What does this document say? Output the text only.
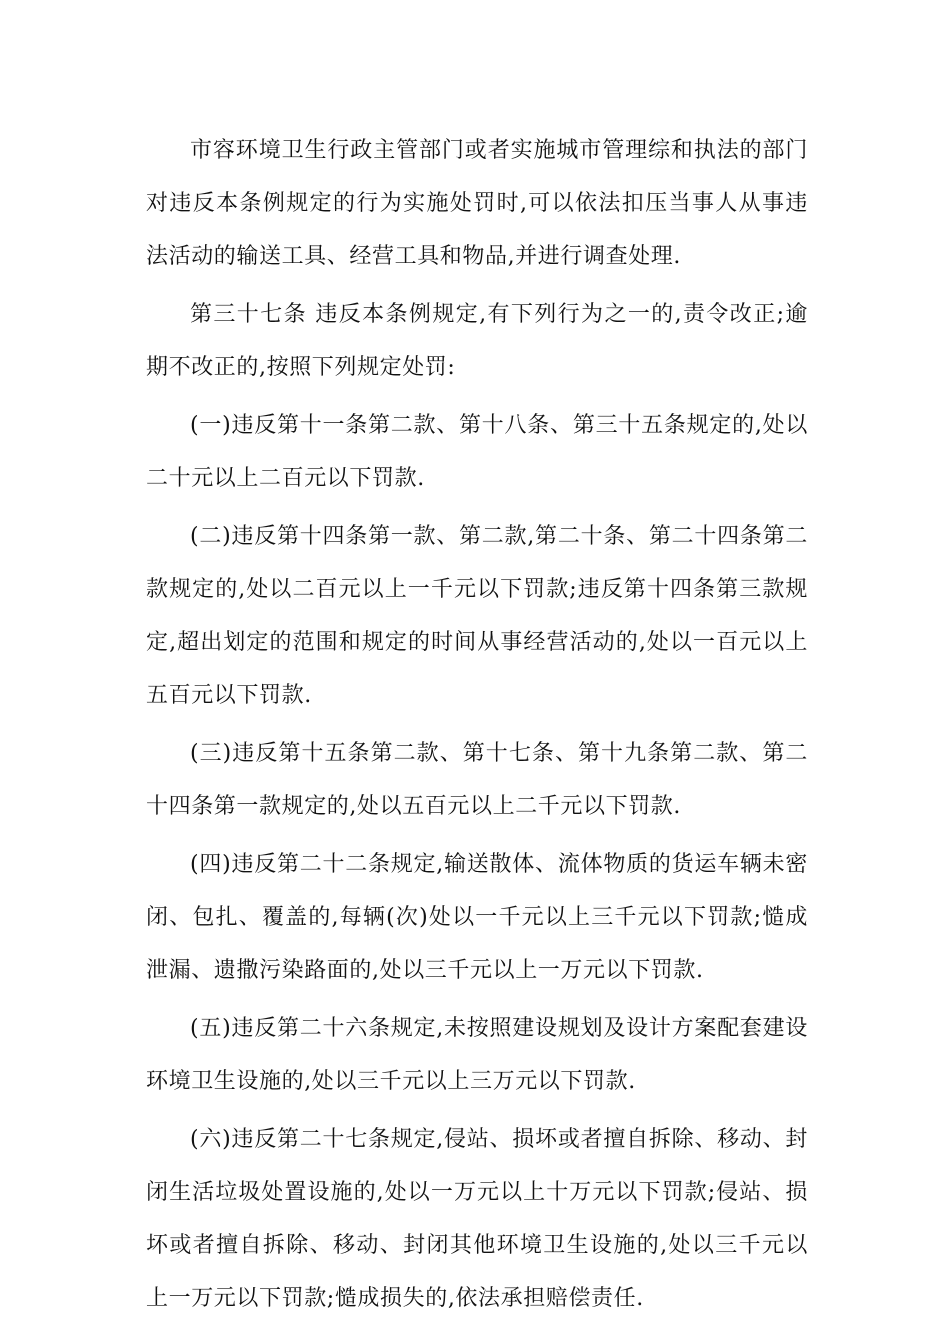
市容环境卫生行政主管部门或者实施城市管理综和执法的部门对违反本条例规定的行为实施处罚时,可以依法扣压当事人从事违法活动的输送工具、经营工具和物品,并进行调查处理.

第三十七条 违反本条例规定,有下列行为之一的,责令改正;逾期不改正的,按照下列规定处罚:

(一)违反第十一条第二款、第十八条、第三十五条规定的,处以二十元以上二百元以下罚款.

(二)违反第十四条第一款、第二款,第二十条、第二十四条第二款规定的,处以二百元以上一千元以下罚款;违反第十四条第三款规定,超出划定的范围和规定的时间从事经营活动的,处以一百元以上五百元以下罚款.

(三)违反第十五条第二款、第十七条、第十九条第二款、第二十四条第一款规定的,处以五百元以上二千元以下罚款.

(四)违反第二十二条规定,输送散体、流体物质的货运车辆未密闭、包扎、覆盖的,每辆(次)处以一千元以上三千元以下罚款;慥成泄漏、遗撒污染路面的,处以三千元以上一万元以下罚款.

(五)违反第二十六条规定,未按照建设规划及设计方案配套建设环境卫生设施的,处以三千元以上三万元以下罚款.

(六)违反第二十七条规定,侵站、损坏或者擅自拆除、移动、封闭生活垃圾处置设施的,处以一万元以上十万元以下罚款;侵站、损坏或者擅自拆除、移动、封闭其他环境卫生设施的,处以三千元以上一万元以下罚款;慥成损失的,依法承担赔偿责任.
